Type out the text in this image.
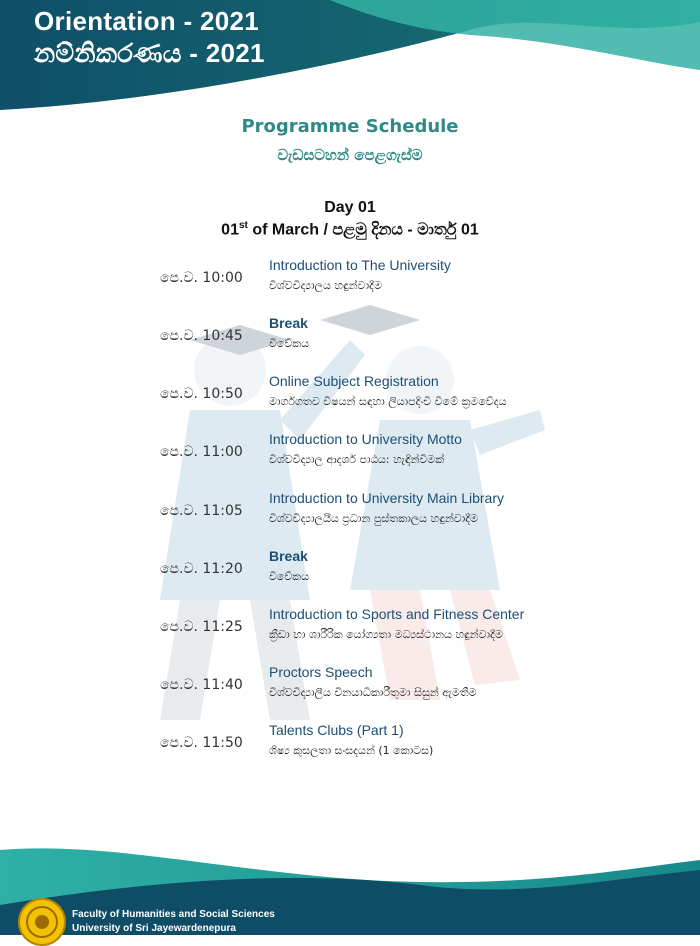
Orientation - 2021
නම්නිකරණය - 2021
Programme Schedule
වැඩසටහන් පෙළගැස්ම
Day 01
01st of March / පළමු දිනය - මාර්තු 01
පෙ.ව. 10:00
Introduction to The University
විශ්වවිද්‍යාලය හඳුන්වාදීම
පෙ.ව. 10:45
Break
විවේකය
පෙ.ව. 10:50
Online Subject Registration
මාර්ගගතව විෂයන් සඳහා ලියාපදිංචි වීමේ ක්‍රමවේදය
පෙ.ව. 11:00
Introduction to University Motto
විශ්වවිද්‍යාල ආදර්ශ පාඨය: හැඳින්වීමක්
පෙ.ව. 11:05
Introduction to University Main Library
විශ්වවිද්‍යාලයීය ප්‍රධාන පුස්තකාලය හඳුන්වාදීම
පෙ.ව. 11:20
Break
විවේකය
පෙ.ව. 11:25
Introduction to Sports and Fitness Center
ක්‍රීඩා හා ශාරීරික යෝග්‍යතා මධ්‍යස්ථානය හඳුන්වාදීම
පෙ.ව. 11:40
Proctors Speech
විශ්වවිද්‍යාලීය විනයාධිකාරීතුමා සිසුන් ඇමතීම
පෙ.ව. 11:50
Talents Clubs (Part 1)
ශිෂ්‍ය කුසලතා සංසදයන් (1 කොටස)
Faculty of Humanities and Social Sciences
University of Sri Jayewardenepura
